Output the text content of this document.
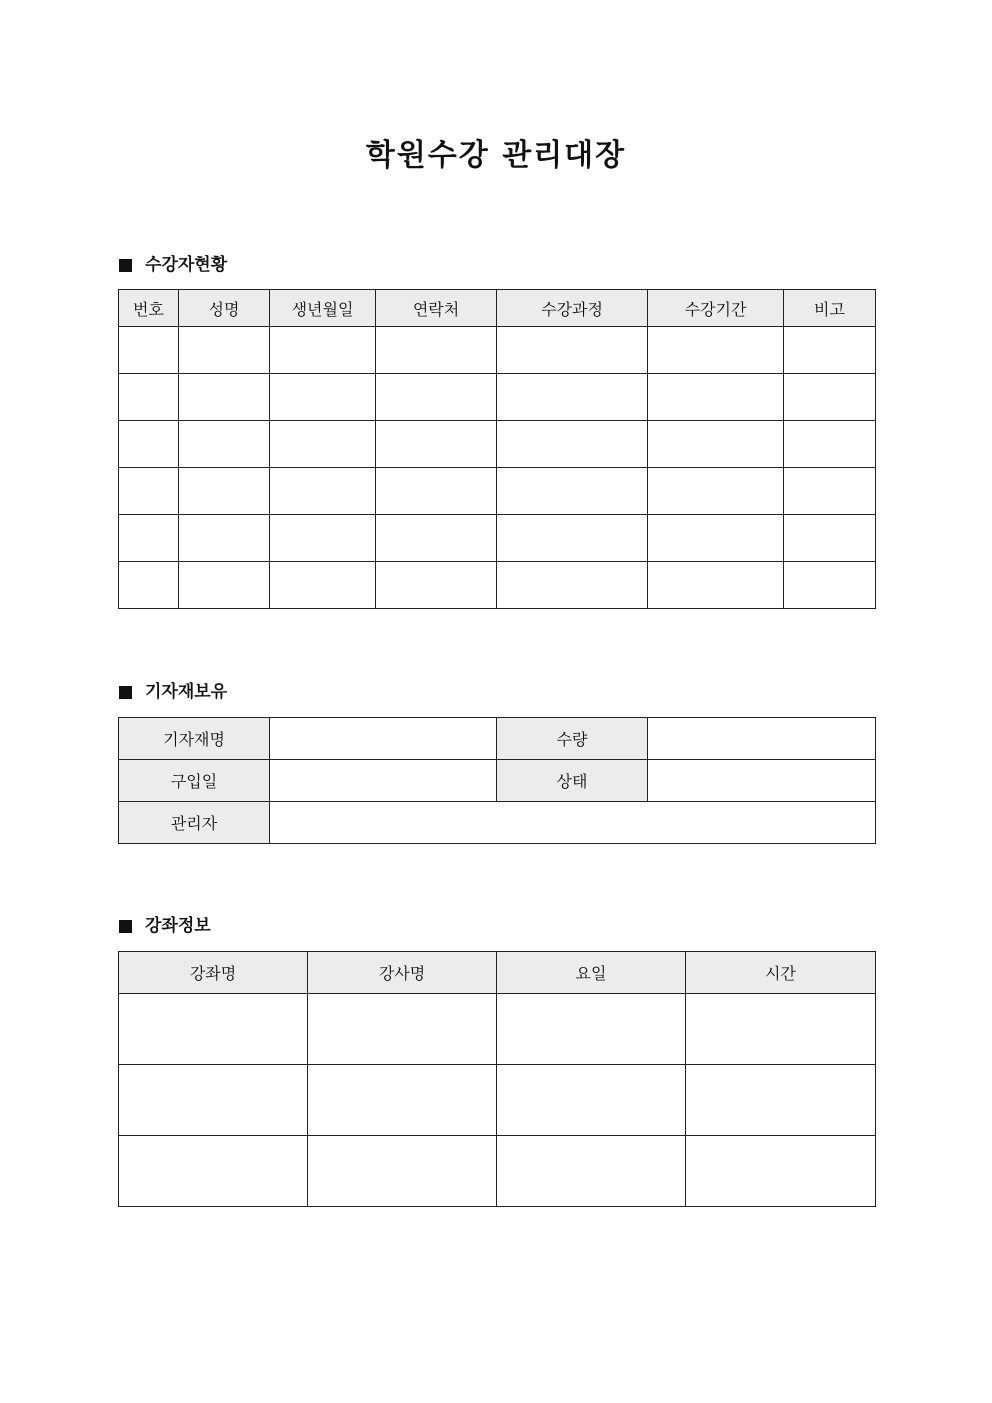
학원수강 관리대장
수강자현황
번호	성명	생년월일	연락처	수강과정	수강기간	비고

기자재보유
기자재명		수량	
구입일		상태	
관리자			
강좌정보
강좌명	강사명	요일	시간
